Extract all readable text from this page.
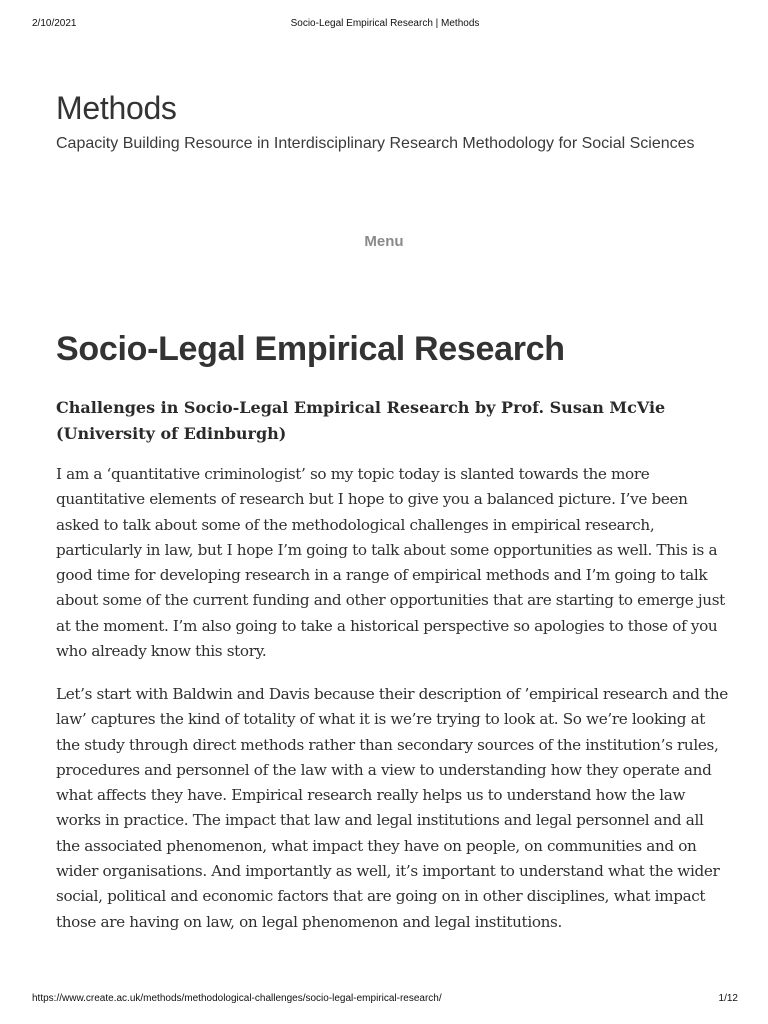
2/10/2021	Socio-Legal Empirical Research | Methods
Methods

Capacity Building Resource in Interdisciplinary Research Methodology for Social Sciences

Menu
Socio-Legal Empirical Research

Challenges in Socio-Legal Empirical Research by Prof. Susan McVie (University of Edinburgh)

I am a ‘quantitative criminologist’ so my topic today is slanted towards the more quantitative elements of research but I hope to give you a balanced picture. I’ve been asked to talk about some of the methodological challenges in empirical research, particularly in law, but I hope I’m going to talk about some opportunities as well. This is a good time for developing research in a range of empirical methods and I’m going to talk about some of the current funding and other opportunities that are starting to emerge just at the moment. I’m also going to take a historical perspective so apologies to those of you who already know this story.

Let’s start with Baldwin and Davis because their description of ’empirical research and the law’ captures the kind of totality of what it is we’re trying to look at. So we’re looking at the study through direct methods rather than secondary sources of the institution’s rules, procedures and personnel of the law with a view to understanding how they operate and what affects they have. Empirical research really helps us to understand how the law works in practice. The impact that law and legal institutions and legal personnel and all the associated phenomenon, what impact they have on people, on communities and on wider organisations. And importantly as well, it’s important to understand what the wider social, political and economic factors that are going on in other disciplines, what impact those are having on law, on legal phenomenon and legal institutions.

https://www.create.ac.uk/methods/methodological-challenges/socio-legal-empirical-research/	1/12
